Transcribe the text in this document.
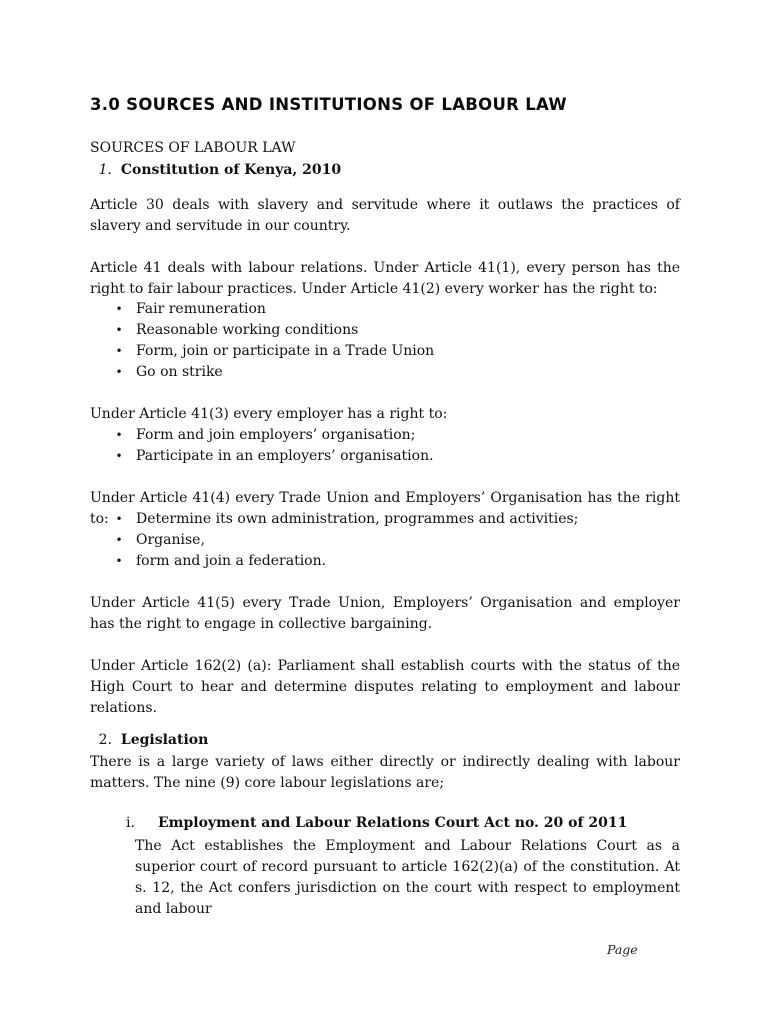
3.0 SOURCES AND INSTITUTIONS OF LABOUR LAW
SOURCES OF LABOUR LAW
1. Constitution of Kenya, 2010

Article 30 deals with slavery and servitude where it outlaws the practices of slavery and servitude in our country.

Article 41 deals with labour relations. Under Article 41(1), every person has the right to fair labour practices. Under Article 41(2) every worker has the right to:

• Fair remuneration
• Reasonable working conditions
• Form, join or participate in a Trade Union
• Go on strike

Under Article 41(3) every employer has a right to:

• Form and join employers’ organisation;
• Participate in an employers’ organisation.

Under Article 41(4) every Trade Union and Employers’ Organisation has the right to: • Determine its own administration, programmes and activities;
• Organise,
• form and join a federation.

Under Article 41(5) every Trade Union, Employers’ Organisation and employer has the right to engage in collective bargaining.

Under Article 162(2) (a): Parliament shall establish courts with the status of the High Court to hear and determine disputes relating to employment and labour relations.

2. Legislation

There is a large variety of laws either directly or indirectly dealing with labour matters. The nine (9) core labour legislations are;

i. Employment and Labour Relations Court Act no. 20 of 2011

The Act establishes the Employment and Labour Relations Court as a superior court of record pursuant to article 162(2)(a) of the constitution. At s. 12, the Act confers jurisdiction on the court with respect to employment and labour

Page
